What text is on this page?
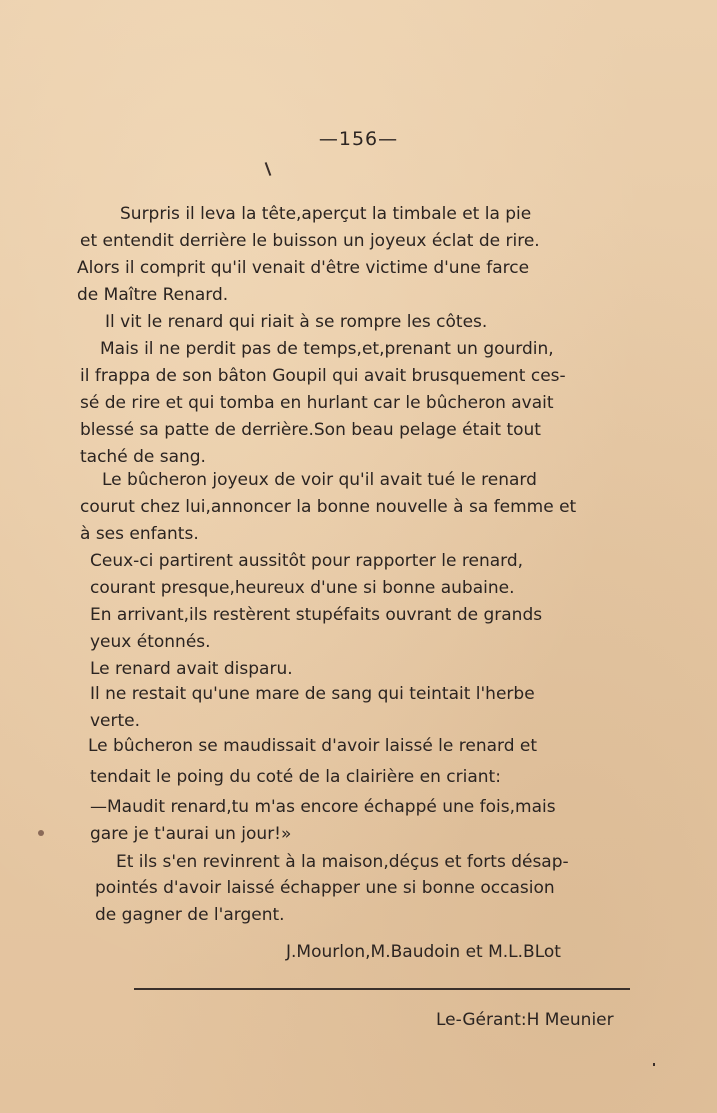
—156—
Surpris il leva la tête,aperçut la timbale et la pie
et entendit derrière le buisson un joyeux éclat de rire.
Alors il comprit qu'il venait d'être victime d'une farce
de Maître Renard.
Il vit le renard qui riait à se rompre les côtes.
Mais il ne perdit pas de temps,et,prenant un gourdin,
il frappa de son bâton Goupil qui avait brusquement ces-
sé de rire et qui tomba en hurlant car le bûcheron avait
blessé sa patte de derrière.Son beau pelage était tout
taché de sang.
Le bûcheron joyeux de voir qu'il avait tué le renard
courut chez lui,annoncer la bonne nouvelle à sa femme et
à ses enfants.
Ceux-ci partirent aussitôt pour rapporter le renard,
courant presque,heureux d'une si bonne aubaine.
En arrivant,ils restèrent stupéfaits ouvrant de grands
yeux étonnés.
Le renard avait disparu.
Il ne restait qu'une mare de sang qui teintait l'herbe
verte.
Le bûcheron se maudissait d'avoir laissé le renard et
tendait le poing du coté de la clairière en criant:
—Maudit renard,tu m'as encore échappé une fois,mais
gare je t'aurai un jour!»
Et ils s'en revinrent à la maison,déçus et forts désap-
pointés d'avoir laissé échapper une si bonne occasion
de gagner de l'argent.
J.Mourlon,M.Baudoin et M.L.BLot
Le-Gérant:H Meunier
